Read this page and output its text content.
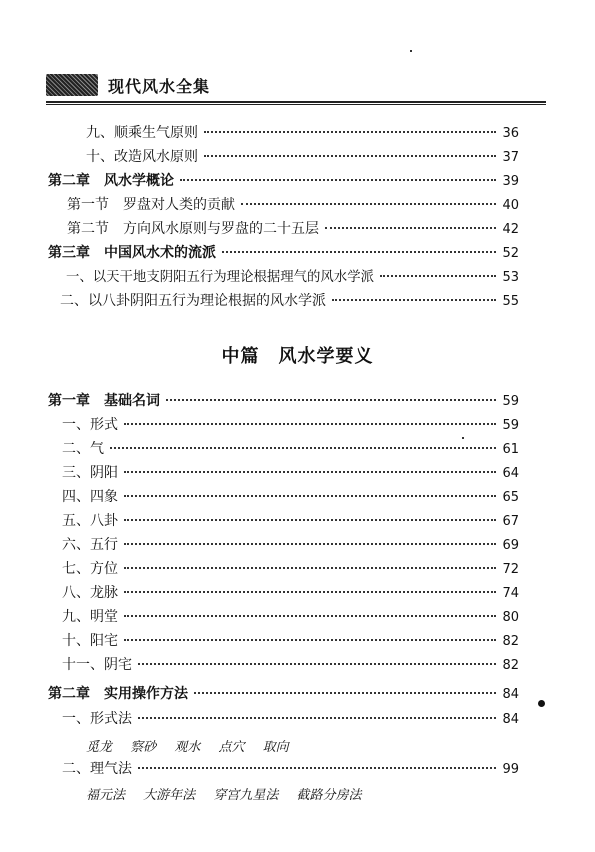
现代风水全集
九、顺乘生气原则	36
十、改造风水原则	37
第二章　风水学概论	39
第一节　罗盘对人类的贡献	40
第二节　方向风水原则与罗盘的二十五层	42
第三章　中国风水术的流派	52
一、以天干地支阴阳五行为理论根据理气的风水学派	53
二、以八卦阴阳五行为理论根据的风水学派	55
中篇　风水学要义
第一章　基础名词	59
一、形式	59
二、气	61
三、阴阳	64
四、四象	65
五、八卦	67
六、五行	69
七、方位	72
八、龙脉	74
九、明堂	80
十、阳宅	82
十一、阴宅	82
第二章　实用操作方法	84
一、形式法	84
觅龙 察砂 观水 点穴 取向
二、理气法	99
福元法 大游年法 穿宫九星法 截路分房法
